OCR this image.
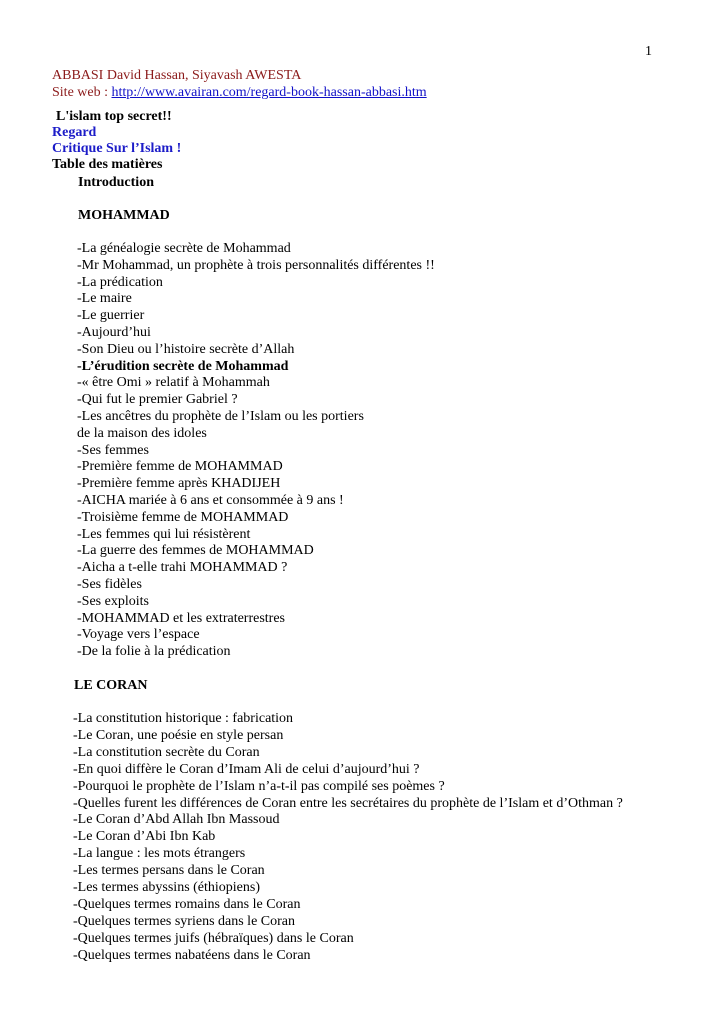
1
ABBASI David Hassan, Siyavash AWESTA
Site web : http://www.avairan.com/regard-book-hassan-abbasi.htm
L'islam top secret!!
Regard
Critique Sur l’Islam !
Table des matières
Introduction
MOHAMMAD
-La généalogie secrète de Mohammad
-Mr Mohammad, un prophète à trois personnalités différentes !!
-La prédication
-Le maire
-Le guerrier
-Aujourd’hui
-Son Dieu ou l’histoire secrète d’Allah
-L’érudition secrète de Mohammad
-« être Omi » relatif à Mohammah
-Qui fut le premier Gabriel ?
-Les ancêtres du prophète de l’Islam ou les portiers
de la maison des idoles
-Ses femmes
-Première femme de MOHAMMAD
-Première femme après KHADIJEH
-AICHA mariée à 6 ans et consommée à 9 ans !
-Troisième femme de MOHAMMAD
-Les femmes qui lui résistèrent
-La guerre des femmes de MOHAMMAD
-Aicha a t-elle trahi MOHAMMAD ?
-Ses fidèles
-Ses exploits
-MOHAMMAD et les extraterrestres
-Voyage vers l’espace
-De la folie à la prédication
LE CORAN
-La constitution historique : fabrication
-Le Coran, une poésie en style persan
-La constitution secrète du Coran
-En quoi diffère le Coran d’Imam Ali de celui d’aujourd’hui ?
-Pourquoi le prophète de l’Islam n’a-t-il pas compilé ses poèmes ?
-Quelles furent les différences de Coran entre les secrétaires du prophète de l’Islam et d’Othman ?
-Le Coran d’Abd Allah Ibn Massoud
-Le Coran d’Abi Ibn Kab
-La langue : les mots étrangers
-Les termes persans dans le Coran
-Les termes abyssins (éthiopiens)
-Quelques termes romains dans le Coran
-Quelques termes syriens dans le Coran
-Quelques termes juifs (hébraïques) dans le Coran
-Quelques termes nabatéens dans le Coran
